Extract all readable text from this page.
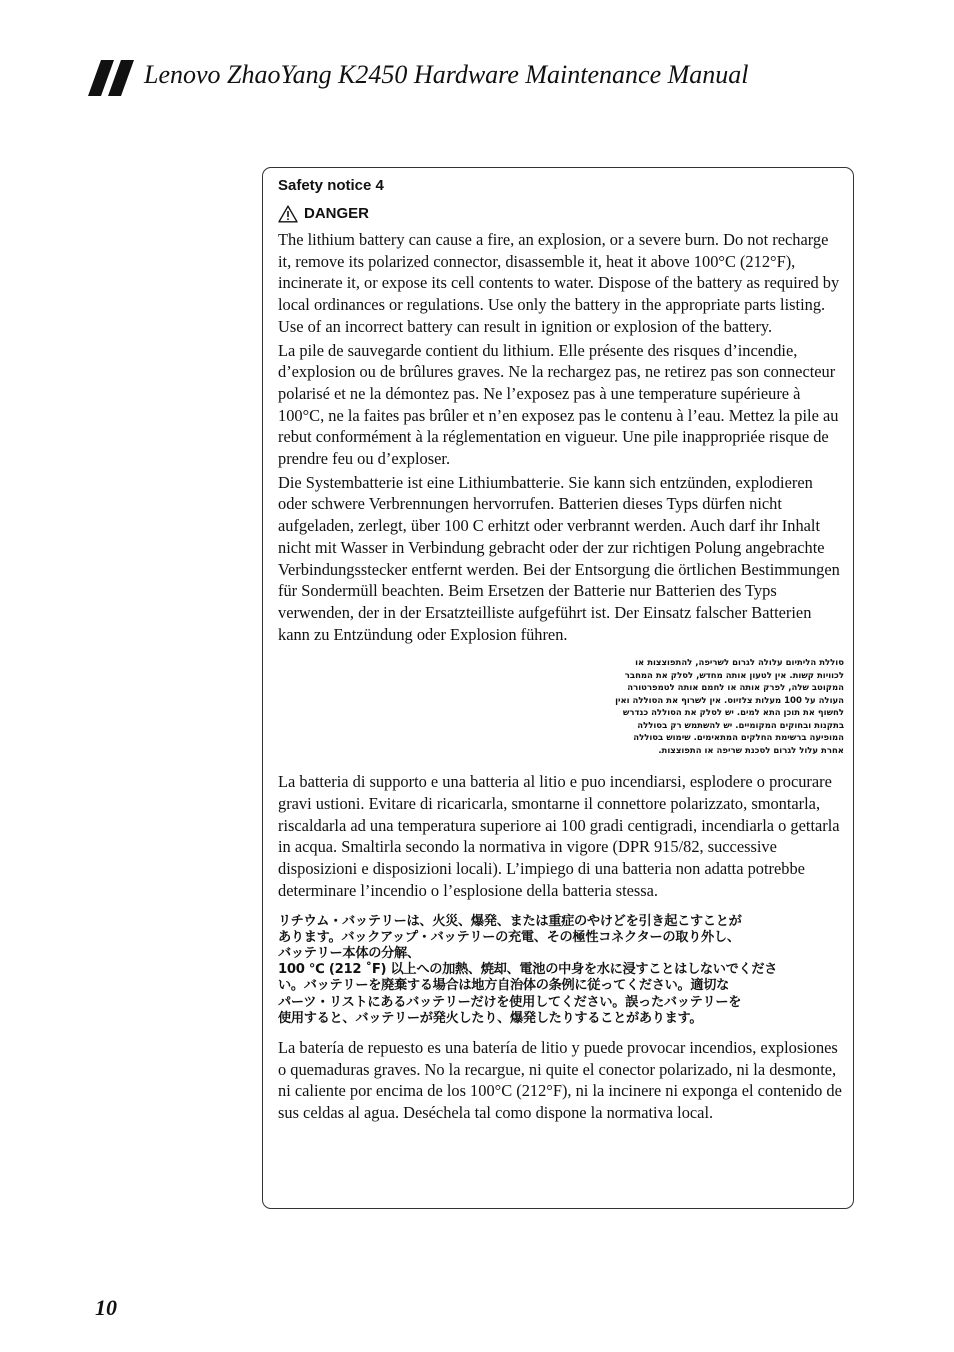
Lenovo ZhaoYang K2450 Hardware Maintenance Manual

Safety notice 4

DANGER

The lithium battery can cause a fire, an explosion, or a severe burn. Do not recharge it, remove its polarized connector, disassemble it, heat it above 100°C (212°F), incinerate it, or expose its cell contents to water. Dispose of the battery as required by local ordinances or regulations. Use only the battery in the appropriate parts listing. Use of an incorrect battery can result in ignition or explosion of the battery.

La pile de sauvegarde contient du lithium. Elle présente des risques d’incendie, d’explosion ou de brûlures graves. Ne la rechargez pas, ne retirez pas son connecteur polarisé et ne la démontez pas. Ne l’exposez pas à une temperature supérieure à 100°C, ne la faites pas brûler et n’en exposez pas le contenu à l’eau. Mettez la pile au rebut conformément à la réglementation en vigueur. Une pile inappropriée risque de prendre feu ou d’exploser.

Die Systembatterie ist eine Lithiumbatterie. Sie kann sich entzünden, explodieren oder schwere Verbrennungen hervorrufen. Batterien dieses Typs dürfen nicht aufgeladen, zerlegt, über 100 C erhitzt oder verbrannt werden. Auch darf ihr Inhalt nicht mit Wasser in Verbindung gebracht oder der zur richtigen Polung angebrachte Verbindungsstecker entfernt werden. Bei der Entsorgung die örtlichen Bestimmungen für Sondermüll beachten. Beim Ersetzen der Batterie nur Batterien des Typs verwenden, der in der Ersatzteilliste aufgeführt ist. Der Einsatz falscher Batterien kann zu Entzündung oder Explosion führen.

סוללת הליתיום עלולה לגרום לשריפה, להתפוצצות או
לכוויות קשות. אין לטעון אותה מחדש, לסלק את המחבר
המקוטב שלה, לפרק אותה או לחמם אותה לטמפרטורה
העולה על 100 מעלות צלזיוס. אין לשרוף את הסוללה ואין
לחשוף את תוכן התא למים. יש לסלק את הסוללה כנדרש
בתקנות ובחוקים המקומיים. יש להשתמש רק בסוללה
המופיעה ברשימת החלקים המתאימים. שימוש בסוללה
אחרת עלול לגרום לסכנת שריפה או התפוצצות.

La batteria di supporto e una batteria al litio e puo incendiarsi, esplodere o procurare gravi ustioni. Evitare di ricaricarla, smontarne il connettore polarizzato, smontarla, riscaldarla ad una temperatura superiore ai 100 gradi centigradi, incendiarla o gettarla in acqua. Smaltirla secondo la normativa in vigore (DPR 915/82, successive disposizioni e disposizioni locali). L’impiego di una batteria non adatta potrebbe determinare l’incendio o l’esplosione della batteria stessa.

リチウム・バッテリーは、火災、爆発、または重症のやけどを引き起こすことが
あります。バックアップ・バッテリーの充電、その極性コネクターの取り外し、
バッテリー本体の分解、
100 ℃ (212 ˚F) 以上への加熱、焼却、電池の中身を水に浸すことはしないでくださ
い。バッテリーを廃棄する場合は地方自治体の条例に従ってください。適切な
パーツ・リストにあるバッテリーだけを使用してください。誤ったバッテリーを
使用すると、バッテリーが発火したり、爆発したりすることがあります。

La batería de repuesto es una batería de litio y puede provocar incendios, explosiones o quemaduras graves. No la recargue, ni quite el conector polarizado, ni la desmonte, ni caliente por encima de los 100°C (212°F), ni la incinere ni exponga el contenido de sus celdas al agua. Deséchela tal como dispone la normativa local.

10
